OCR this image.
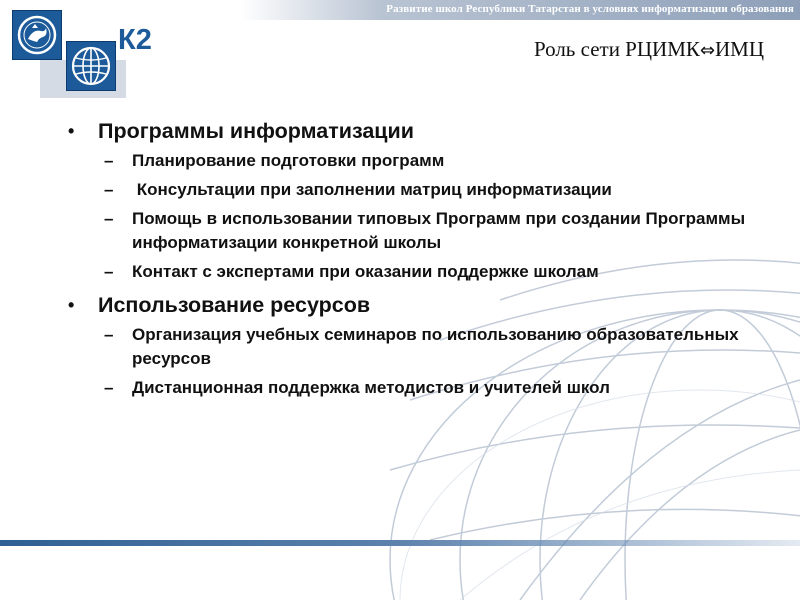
Развитие школ Республики Татарстан в условиях информатизации образования
К2	Роль сети РЦИМК⇔ИМЦ
• Программы информатизации
– Планирование подготовки программ
– Консультации при заполнении матриц информатизации
– Помощь в использовании типовых Программ при создании Программы информатизации конкретной школы
– Контакт с экспертами при оказании поддержке школам
• Использование ресурсов
– Организация учебных семинаров по использованию образовательных ресурсов
– Дистанционная поддержка методистов и учителей школ
